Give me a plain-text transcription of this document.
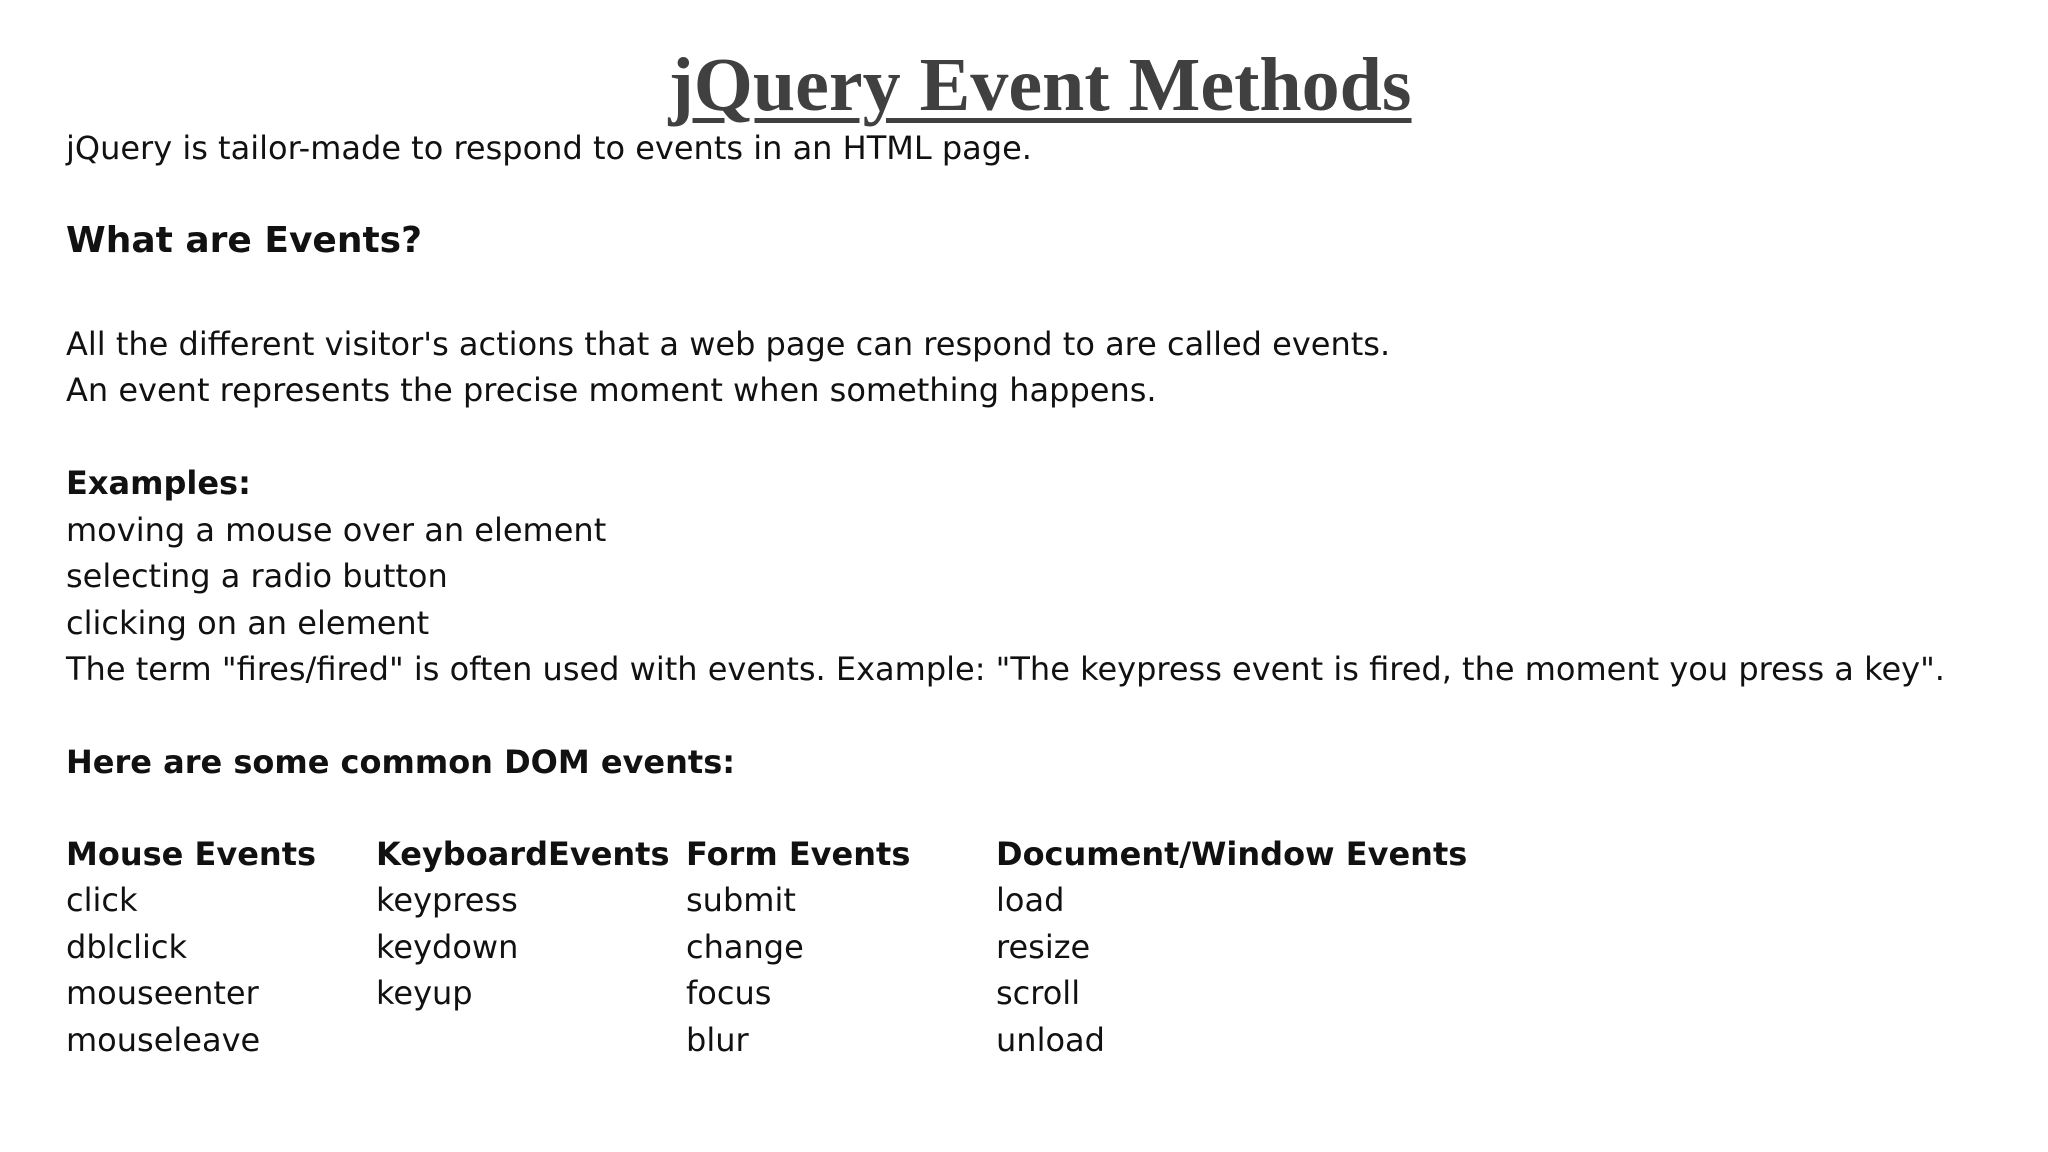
jQuery Event Methods
jQuery is tailor-made to respond to events in an HTML page.
What are Events?
All the different visitor's actions that a web page can respond to are called events.
An event represents the precise moment when something happens.
Examples:
moving a mouse over an element
selecting a radio button
clicking on an element
The term "fires/fired" is often used with events. Example: "The keypress event is fired, the moment you press a key".
Here are some common DOM events:
Mouse Events
click
dblclick
mouseenter
mouseleave
KeyboardEvents
keypress
keydown
keyup
Form Events
submit
change
focus
blur
Document/Window Events
load
resize
scroll
unload
